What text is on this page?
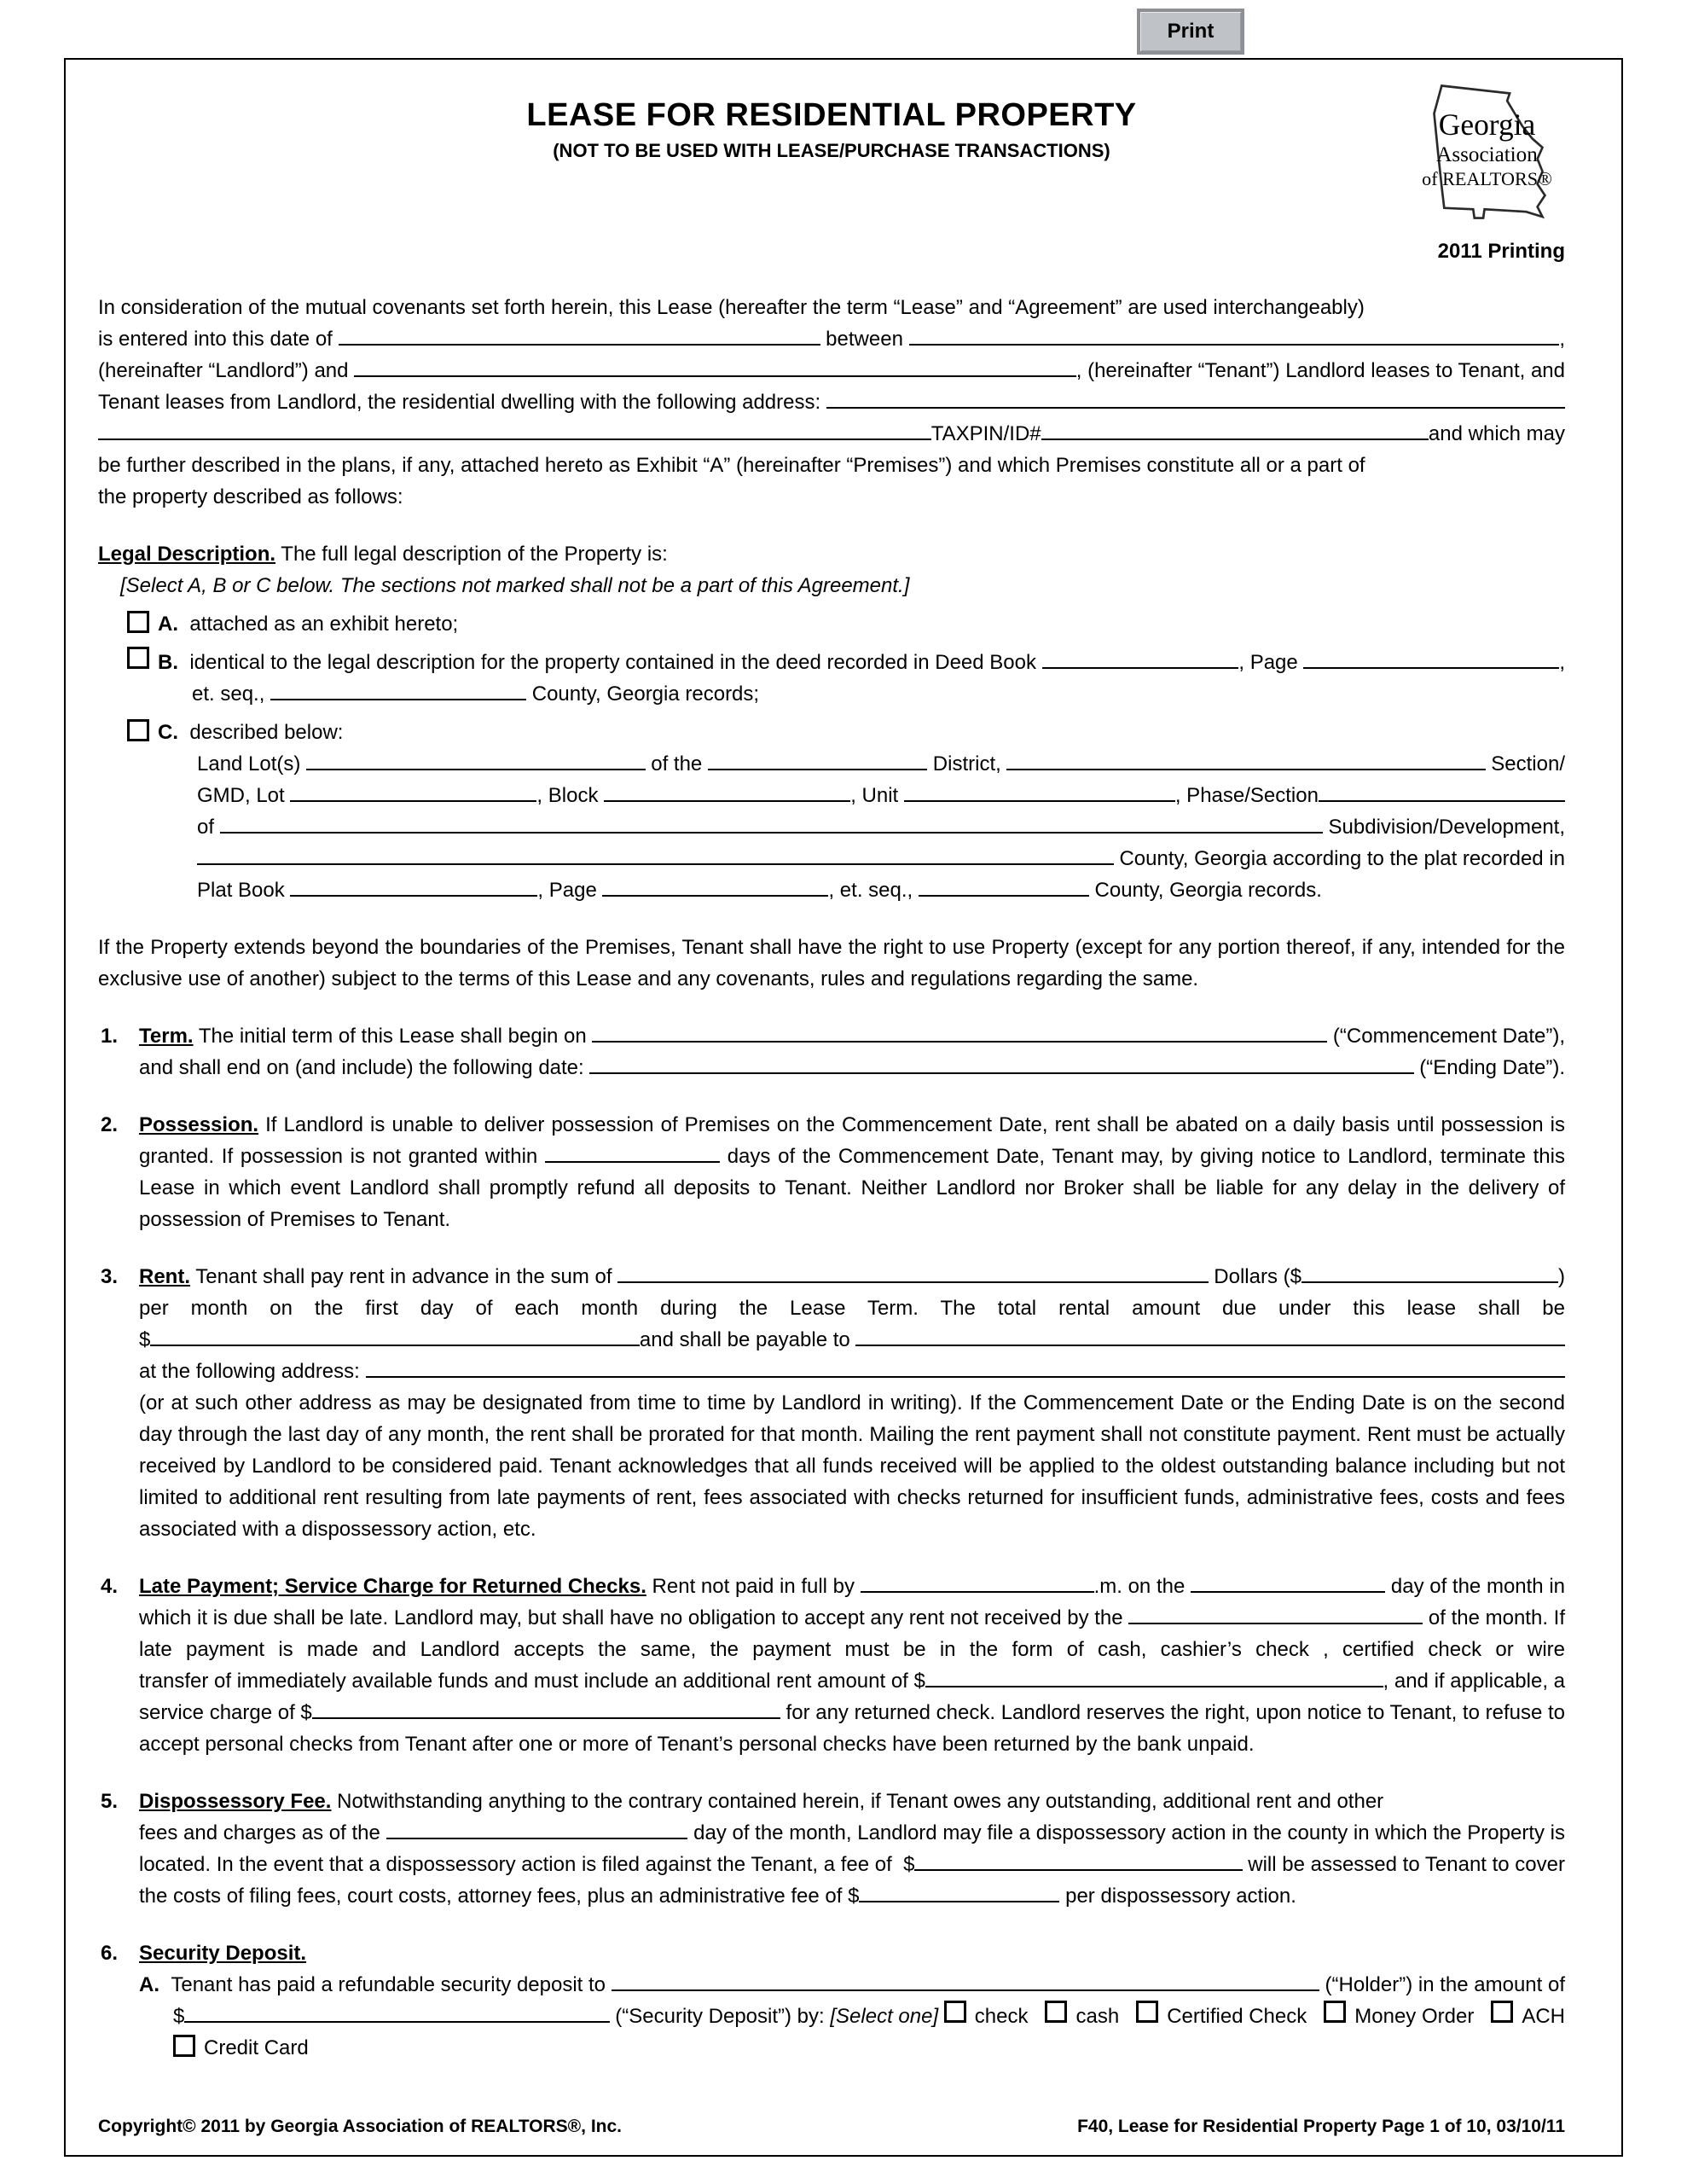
Print
Georgia
Association
of REALTORS®
LEASE FOR RESIDENTIAL PROPERTY
(NOT TO BE USED WITH LEASE/PURCHASE TRANSACTIONS)
2011 Printing
In consideration of the mutual covenants set forth herein, this Lease (hereafter the term “Lease” and “Agreement” are used interchangeably)
is entered into this date of	between	,
(hereinafter “Landlord”) and	, (hereinafter “Tenant”) Landlord leases to Tenant, and
Tenant leases from Landlord, the residential dwelling with the following address:
TAXPIN/ID#	and which may
be further described in the plans, if any, attached hereto as Exhibit “A” (hereinafter “Premises”) and which Premises constitute all or a part of
the property described as follows:
Legal Description. The full legal description of the Property is:
[Select A, B or C below. The sections not marked shall not be a part of this Agreement.]
A.  attached as an exhibit hereto;
B. identical to the legal description for the property contained in the deed recorded in Deed Book	, Page	,
et. seq.,	County, Georgia records;
C.  described below:
Land Lot(s)	of the	District,	Section/
GMD, Lot	, Block	, Unit	, Phase/Section
of	Subdivision/Development,
County, Georgia according to the plat recorded in
Plat Book	, Page	, et. seq.,	County, Georgia records.
If the Property extends beyond the boundaries of the Premises, Tenant shall have the right to use Property (except for any portion thereof, if any, intended for the exclusive use of another) subject to the terms of this Lease and any covenants, rules and regulations regarding the same.
1. Term. The initial term of this Lease shall begin on	(“Commencement Date”),
and shall end on (and include) the following date:	(“Ending Date”).
2. Possession. If Landlord is unable to deliver possession of Premises on the Commencement Date, rent shall be abated on a daily basis until possession is granted. If possession is not granted within	days of the Commencement Date, Tenant may, by giving notice to Landlord, terminate this Lease in which event Landlord shall promptly refund all deposits to Tenant. Neither Landlord nor Broker shall be liable for any delay in the delivery of possession of Premises to Tenant.
3. Rent. Tenant shall pay rent in advance in the sum of	Dollars ($	)
per month on the first day of each month during the Lease Term. The total rental amount due under this lease shall be
$	and shall be payable to
at the following address:
(or at such other address as may be designated from time to time by Landlord in writing). If the Commencement Date or the Ending Date is on the second day through the last day of any month, the rent shall be prorated for that month. Mailing the rent payment shall not constitute payment. Rent must be actually received by Landlord to be considered paid. Tenant acknowledges that all funds received will be applied to the oldest outstanding balance including but not limited to additional rent resulting from late payments of rent, fees associated with checks returned for insufficient funds, administrative fees, costs and fees associated with a dispossessory action, etc.
4. Late Payment; Service Charge for Returned Checks. Rent not paid in full by	.m. on the	day of the month in
which it is due shall be late. Landlord may, but shall have no obligation to accept any rent not received by the	of the month. If
late payment is made and Landlord accepts the same, the payment must be in the form of cash, cashier’s check , certified check or wire
transfer of immediately available funds and must include an additional rent amount of $	, and if applicable, a
service charge of $	for any returned check. Landlord reserves the right, upon notice to Tenant, to refuse to
accept personal checks from Tenant after one or more of Tenant’s personal checks have been returned by the bank unpaid.
5. Dispossessory Fee. Notwithstanding anything to the contrary contained herein, if Tenant owes any outstanding, additional rent and other
fees and charges as of the	day of the month, Landlord may file a dispossessory action in the county in which the Property is
located. In the event that a dispossessory action is filed against the Tenant, a fee of  $	will be assessed to Tenant to cover
the costs of filing fees, court costs, attorney fees, plus an administrative fee of $	per dispossessory action.
6. Security Deposit.
A. Tenant has paid a refundable security deposit to	(“Holder”) in the amount of
$	(“Security Deposit”) by: [Select one] check cash Certified Check Money Order ACH
Credit Card
Copyright© 2011 by Georgia Association of REALTORS®, Inc.	F40, Lease for Residential Property Page 1 of 10, 03/10/11
